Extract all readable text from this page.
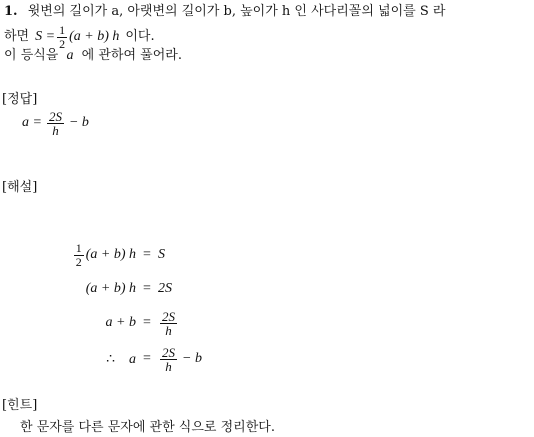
1. 윗변의 길이가 a, 아랫변의 길이가 b, 높이가 h 인 사다리꼴의 넓이를 S 라
하면 $S = \frac{1}{2} (a + b)$ h 이다.
이 등식을 a 에 관하여 풀어라.
[정답]
$a = \frac{2S}{h} - b$
[해설]
$\frac{1}{2} (a + b) h = S$
(a + b) h = 2S
$a + b = \frac{2S}{h}$
∴ $a = \frac{2S}{h} - b$
[힌트]
한 문자를 다른 문자에 관한 식으로 정리한다.
